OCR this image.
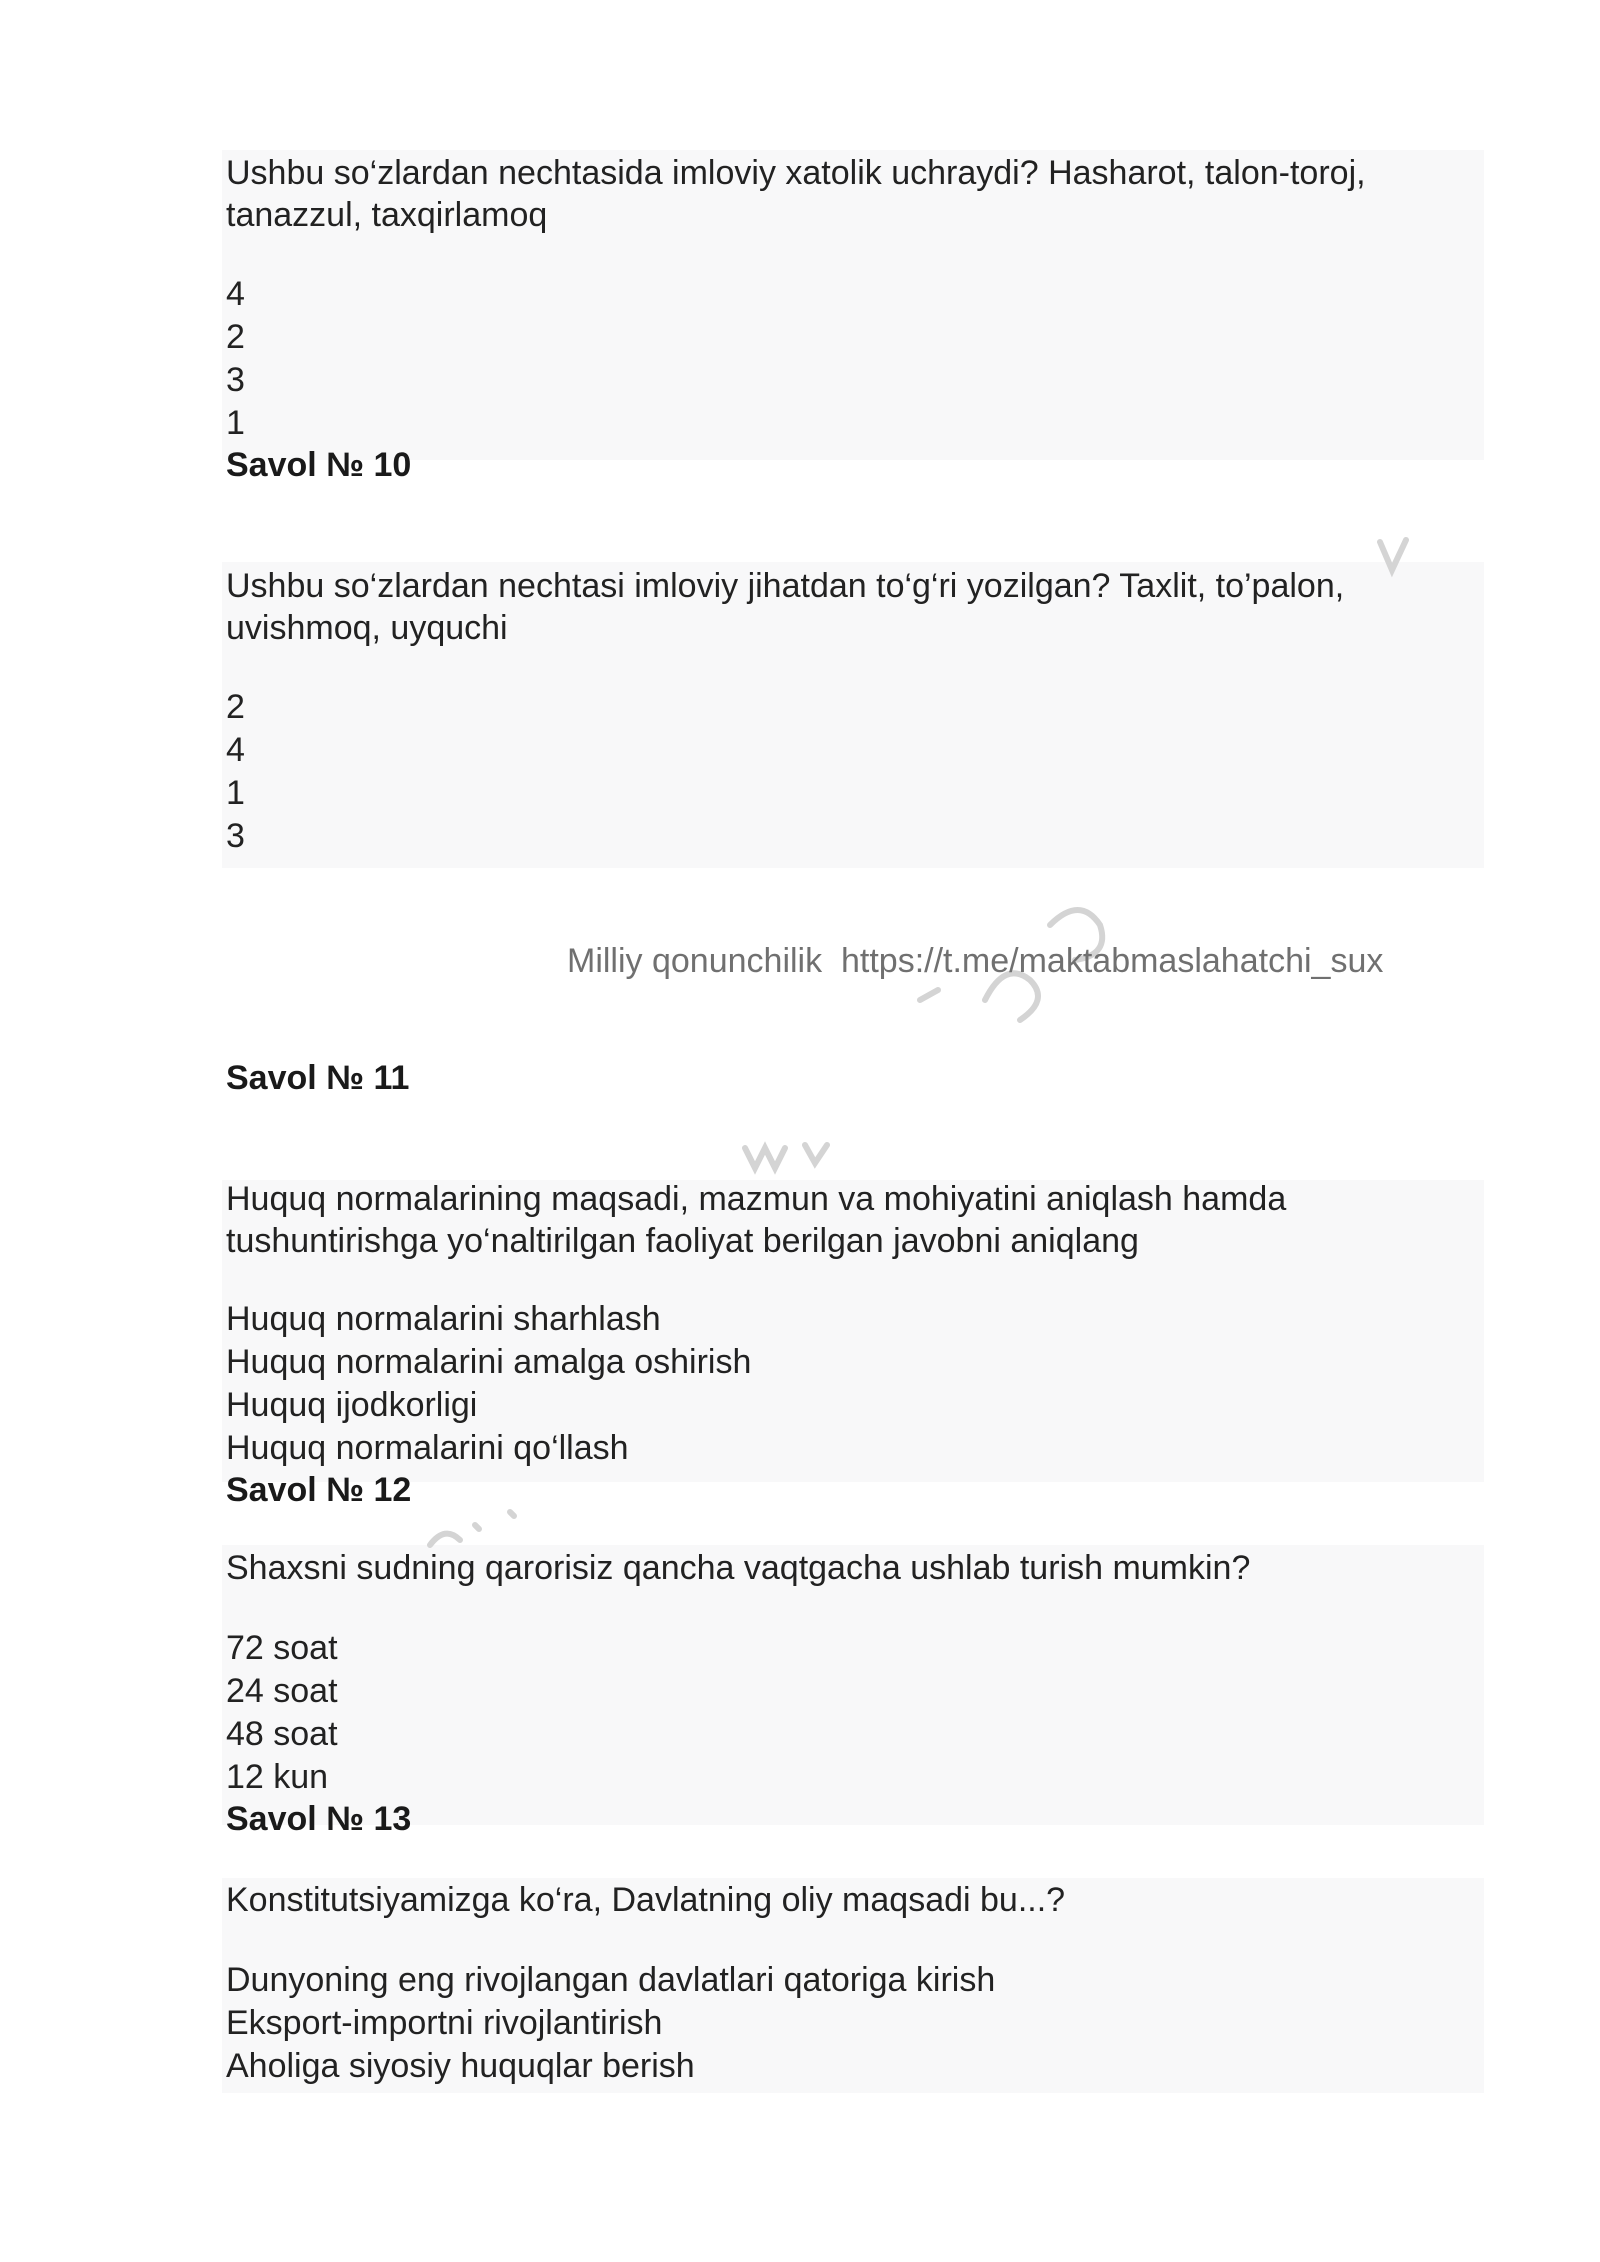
Ushbu so‘zlardan nechtasida imloviy xatolik uchraydi? Hasharot, talon-toroj, tanazzul, taxqirlamoq

4
2
3
1
Savol № 10

Ushbu so‘zlardan nechtasi imloviy jihatdan to‘g‘ri yozilgan? Taxlit, to’palon, uvishmoq, uyquchi

2
4
1
3
Milliy qonunchilik  https://t.me/maktabmaslahatchi_sux
Savol № 11

Huquq normalarining maqsadi, mazmun va mohiyatini aniqlash hamda tushuntirishga yo‘naltirilgan faoliyat berilgan javobni aniqlang

Huquq normalarini sharhlash
Huquq normalarini amalga oshirish
Huquq ijodkorligi
Huquq normalarini qo‘llash
Savol № 12

Shaxsni sudning qarorisiz qancha vaqtgacha ushlab turish mumkin?

72 soat
24 soat
48 soat
12 kun
Savol № 13

Konstitutsiyamizga ko‘ra, Davlatning oliy maqsadi bu...?

Dunyoning eng rivojlangan davlatlari qatoriga kirish
Eksport-importni rivojlantirish
Aholiga siyosiy huquqlar berish
